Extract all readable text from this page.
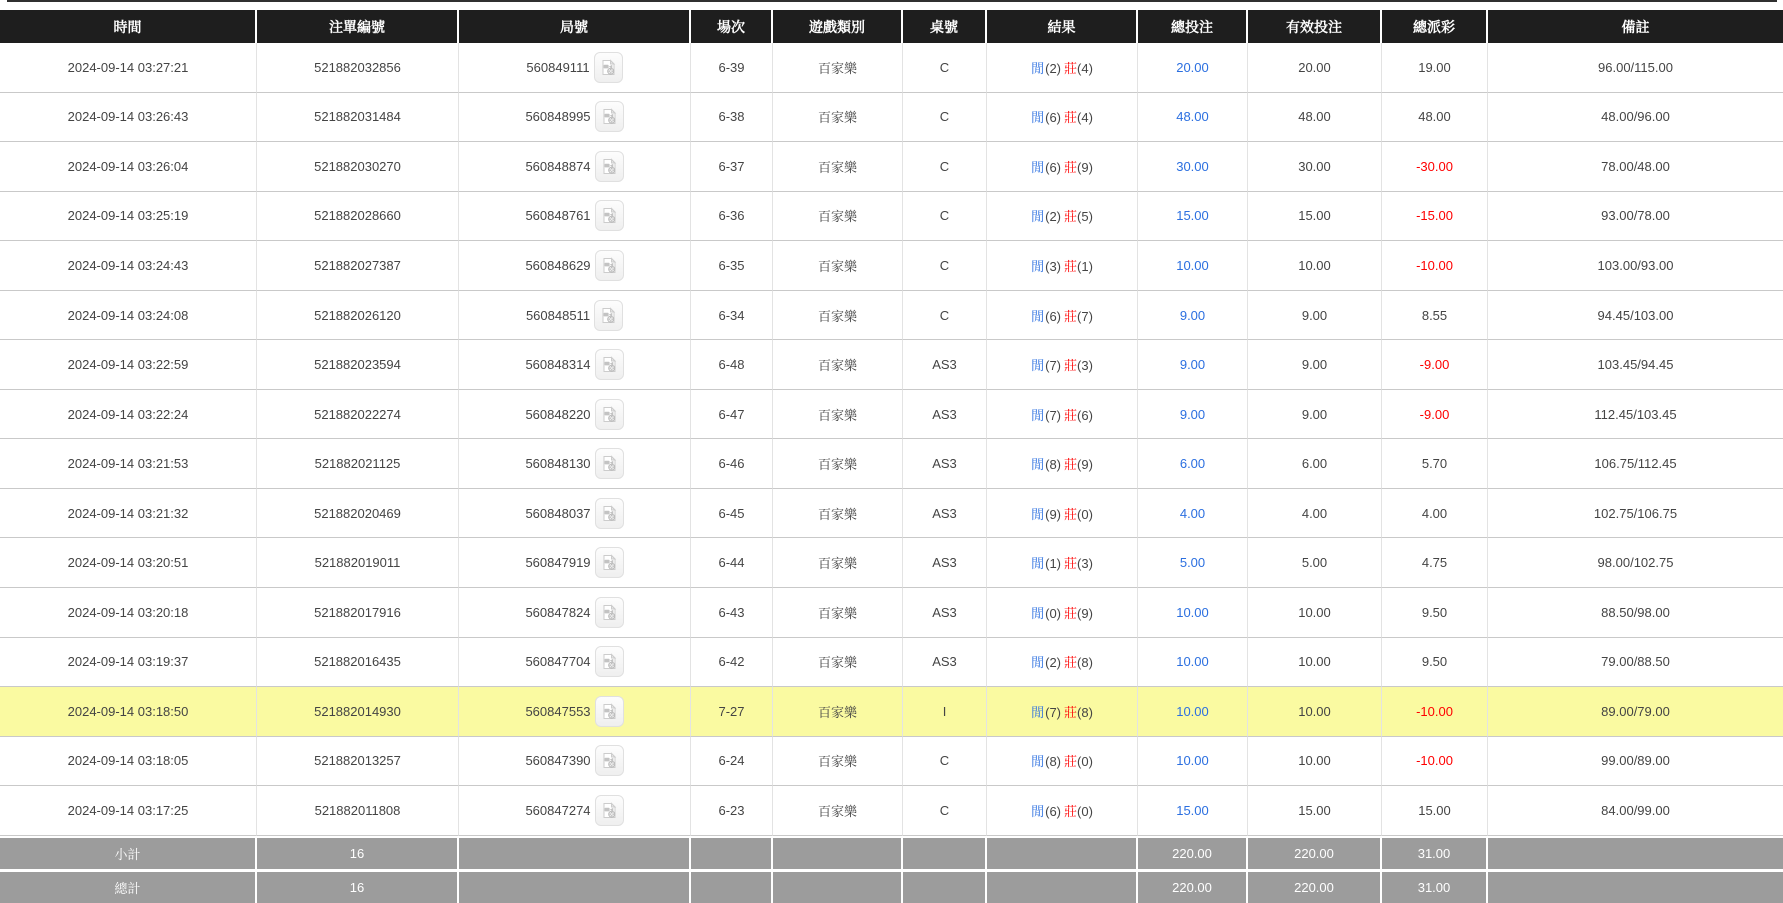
時間	注單編號	局號	場次	遊戲類別	桌號	結果	總投注	有效投注	總派彩	備註
2024-09-14 03:27:21	521882032856	560849111	6-39	百家樂	C	閒(2) 莊(4)	20.00	20.00	19.00	96.00/115.00
2024-09-14 03:26:43	521882031484	560848995	6-38	百家樂	C	閒(6) 莊(4)	48.00	48.00	48.00	48.00/96.00
2024-09-14 03:26:04	521882030270	560848874	6-37	百家樂	C	閒(6) 莊(9)	30.00	30.00	-30.00	78.00/48.00
2024-09-14 03:25:19	521882028660	560848761	6-36	百家樂	C	閒(2) 莊(5)	15.00	15.00	-15.00	93.00/78.00
2024-09-14 03:24:43	521882027387	560848629	6-35	百家樂	C	閒(3) 莊(1)	10.00	10.00	-10.00	103.00/93.00
2024-09-14 03:24:08	521882026120	560848511	6-34	百家樂	C	閒(6) 莊(7)	9.00	9.00	8.55	94.45/103.00
2024-09-14 03:22:59	521882023594	560848314	6-48	百家樂	AS3	閒(7) 莊(3)	9.00	9.00	-9.00	103.45/94.45
2024-09-14 03:22:24	521882022274	560848220	6-47	百家樂	AS3	閒(7) 莊(6)	9.00	9.00	-9.00	112.45/103.45
2024-09-14 03:21:53	521882021125	560848130	6-46	百家樂	AS3	閒(8) 莊(9)	6.00	6.00	5.70	106.75/112.45
2024-09-14 03:21:32	521882020469	560848037	6-45	百家樂	AS3	閒(9) 莊(0)	4.00	4.00	4.00	102.75/106.75
2024-09-14 03:20:51	521882019011	560847919	6-44	百家樂	AS3	閒(1) 莊(3)	5.00	5.00	4.75	98.00/102.75
2024-09-14 03:20:18	521882017916	560847824	6-43	百家樂	AS3	閒(0) 莊(9)	10.00	10.00	9.50	88.50/98.00
2024-09-14 03:19:37	521882016435	560847704	6-42	百家樂	AS3	閒(2) 莊(8)	10.00	10.00	9.50	79.00/88.50
2024-09-14 03:18:50	521882014930	560847553	7-27	百家樂	I	閒(7) 莊(8)	10.00	10.00	-10.00	89.00/79.00
2024-09-14 03:18:05	521882013257	560847390	6-24	百家樂	C	閒(8) 莊(0)	10.00	10.00	-10.00	99.00/89.00
2024-09-14 03:17:25	521882011808	560847274	6-23	百家樂	C	閒(6) 莊(0)	15.00	15.00	15.00	84.00/99.00
小計	16						220.00	220.00	31.00	
總計	16						220.00	220.00	31.00	
